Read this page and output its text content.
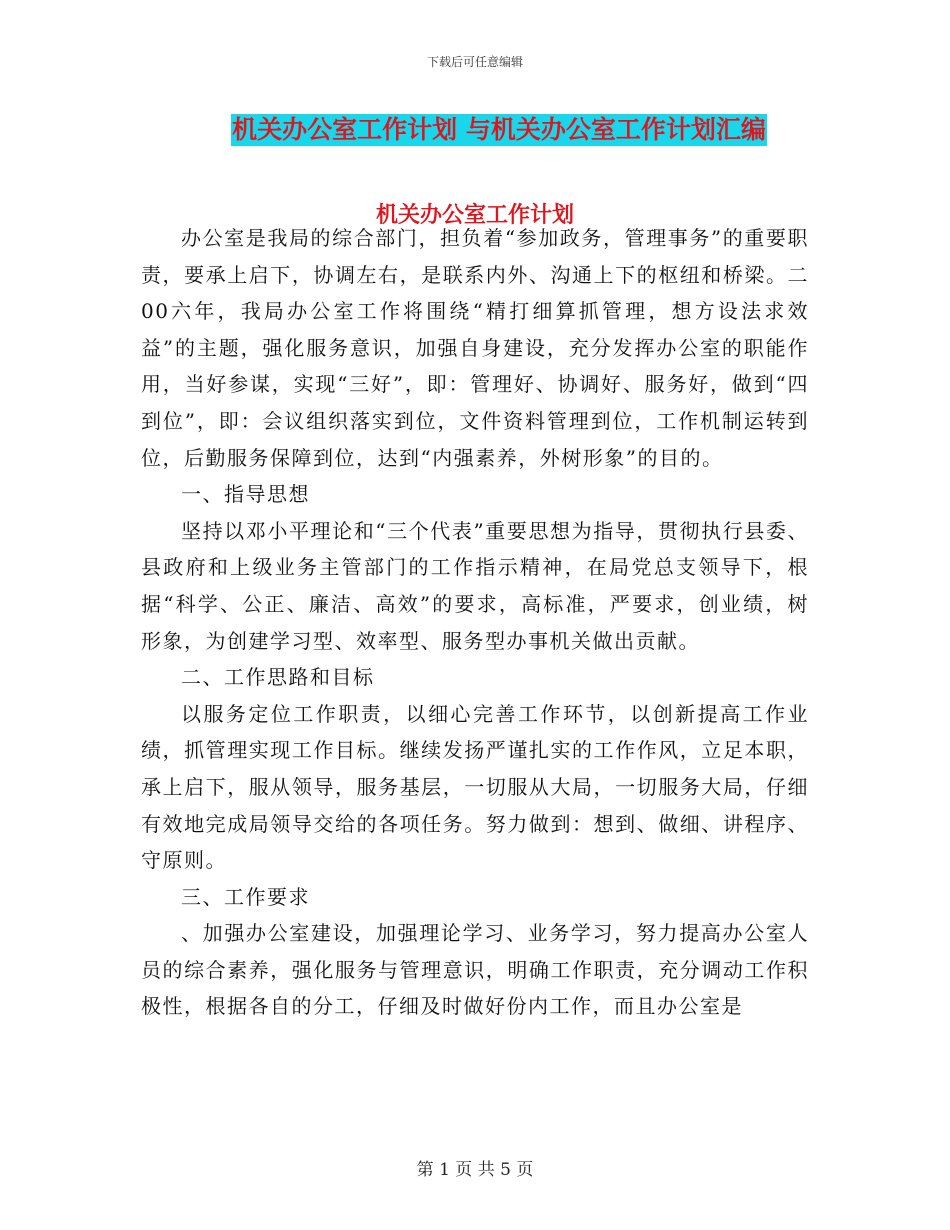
下载后可任意编辑
机关办公室工作计划 与机关办公室工作计划汇编
机关办公室工作计划

办公室是我局的综合部门，担负着“参加政务，管理事务”的重要职责，要承上启下，协调左右，是联系内外、沟通上下的枢纽和桥梁。二00六年，我局办公室工作将围绕“精打细算抓管理，想方设法求效益”的主题，强化服务意识，加强自身建设，充分发挥办公室的职能作用，当好参谋，实现“三好”，即：管理好、协调好、服务好，做到“四到位”，即：会议组织落实到位，文件资料管理到位，工作机制运转到位，后勤服务保障到位，达到“内强素养，外树形象”的目的。

一、指导思想

坚持以邓小平理论和“三个代表”重要思想为指导，贯彻执行县委、县政府和上级业务主管部门的工作指示精神，在局党总支领导下，根据“科学、公正、廉洁、高效”的要求，高标准，严要求，创业绩，树形象，为创建学习型、效率型、服务型办事机关做出贡献。

二、工作思路和目标

以服务定位工作职责，以细心完善工作环节，以创新提高工作业绩，抓管理实现工作目标。继续发扬严谨扎实的工作作风，立足本职，承上启下，服从领导，服务基层，一切服从大局，一切服务大局，仔细有效地完成局领导交给的各项任务。努力做到：想到、做细、讲程序、守原则。

三、工作要求

、加强办公室建设，加强理论学习、业务学习，努力提高办公室人员的综合素养，强化服务与管理意识，明确工作职责，充分调动工作积极性，根据各自的分工，仔细及时做好份内工作，而且办公室是

第 1 页 共 5 页
